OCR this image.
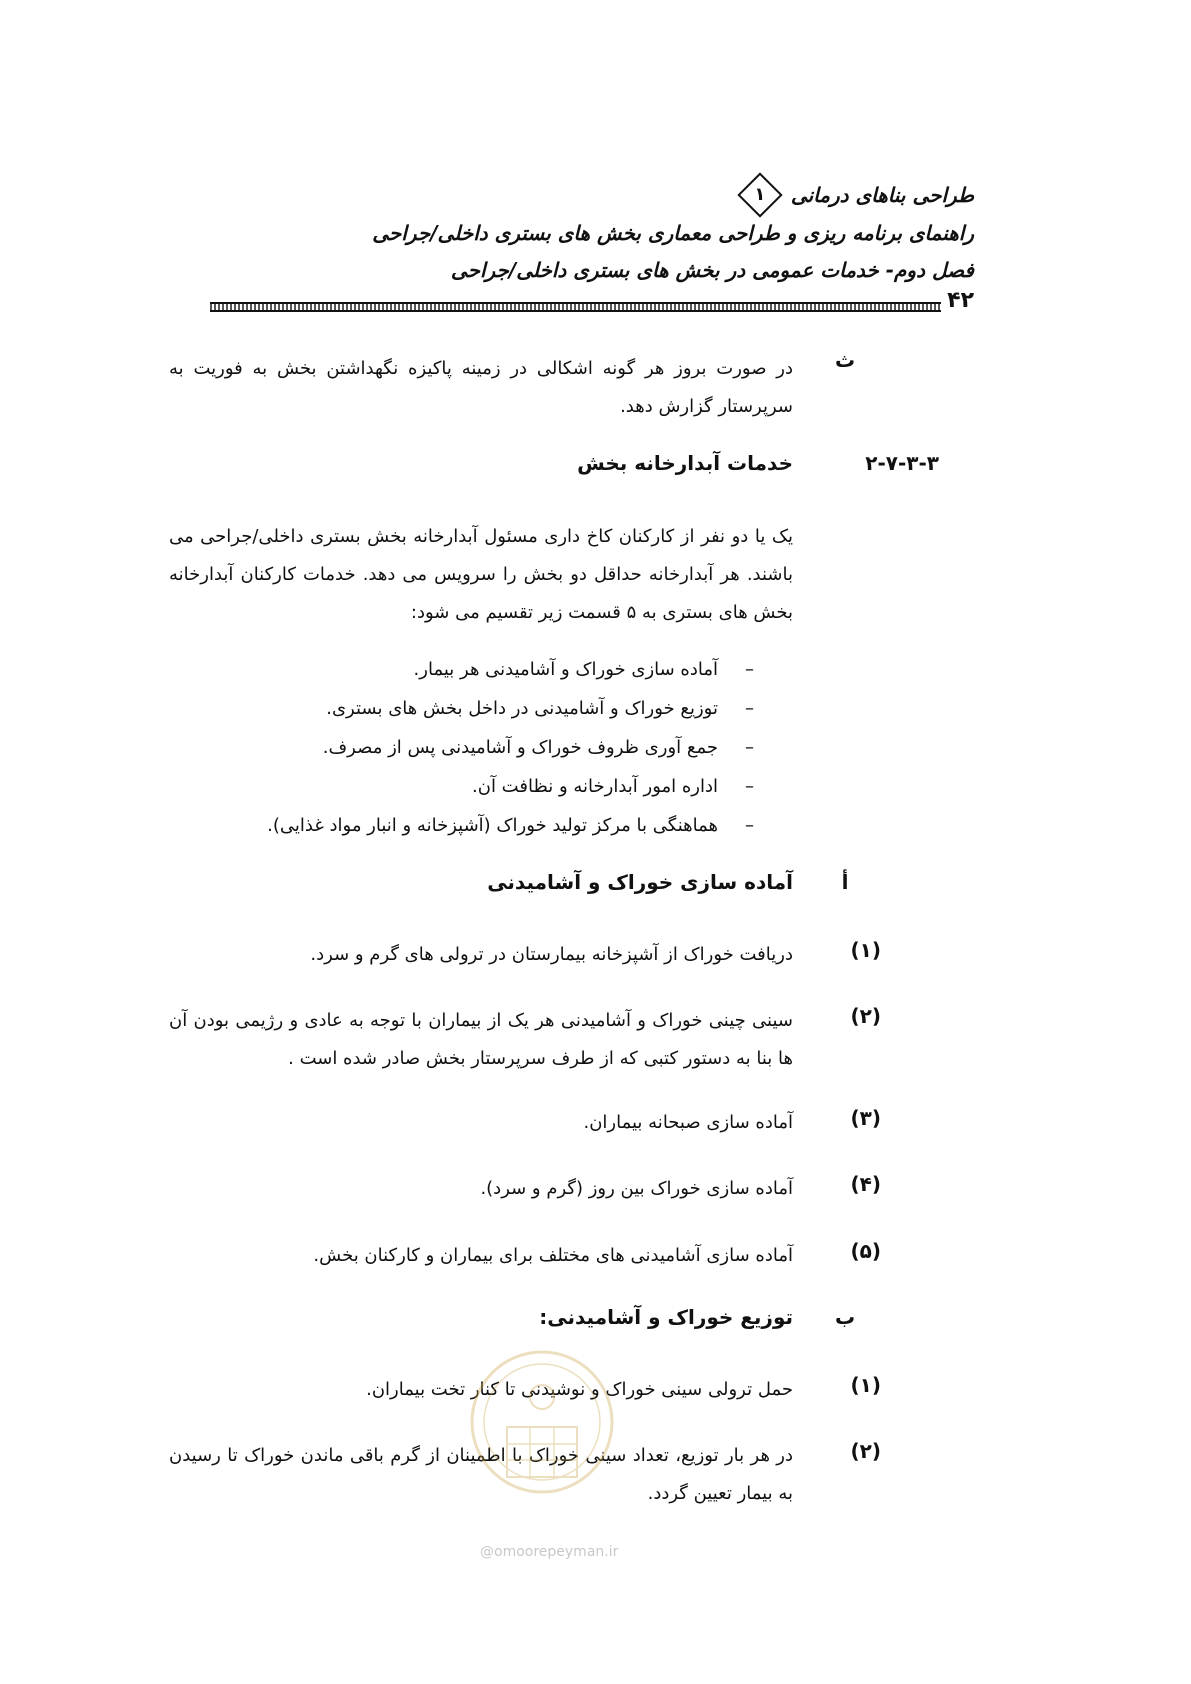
طراحی بناهای درمانی
۱
راهنمای برنامه ریزی و طراحی معماری بخش های بستری داخلی/جراحی
فصل دوم- خدمات عمومی در بخش های بستری داخلی/جراحی
۴۲
ث
در صورت بروز هر گونه اشکالی در زمینه پاکیزه نگهداشتن بخش به فوریت به سرپرستار گزارش دهد.
۲-۷-۳-۳
خدمات آبدارخانه بخش
یک یا دو نفر از کارکنان کاخ داری مسئول آبدارخانه بخش بستری داخلی/جراحی می باشند. هر آبدارخانه حداقل دو بخش را سرویس می دهد. خدمات کارکنان آبدارخانه بخش های بستری به ۵ قسمت زیر تقسیم می شود:
– آماده سازی خوراک و آشامیدنی هر بیمار.
– توزیع خوراک و آشامیدنی در داخل بخش های بستری.
– جمع آوری ظروف خوراک و آشامیدنی پس از مصرف.
– اداره امور آبدارخانه و نظافت آن.
– هماهنگی با مرکز تولید خوراک (آشپزخانه و انبار مواد غذایی).
أ
آماده سازی خوراک و آشامیدنی
(۱)
دریافت خوراک از آشپزخانه بیمارستان در ترولی های گرم و سرد.
(۲)
سینی چینی خوراک و آشامیدنی هر یک از بیماران با توجه به عادی و رژیمی بودن آن ها بنا به دستور کتبی که از طرف سرپرستار بخش صادر شده است .
(۳)
آماده سازی صبحانه بیماران.
(۴)
آماده سازی خوراک بین روز (گرم و سرد).
(۵)
آماده سازی آشامیدنی های مختلف برای بیماران و کارکنان بخش.
ب
توزیع خوراک و آشامیدنی:
(۱)
حمل ترولی سینی خوراک و نوشیدنی تا کنار تخت بیماران.
(۲)
در هر بار توزیع، تعداد سینی خوراک با اطمینان از گرم باقی ماندن خوراک تا رسیدن به بیمار تعیین گردد.
@omoorepeyman.ir
